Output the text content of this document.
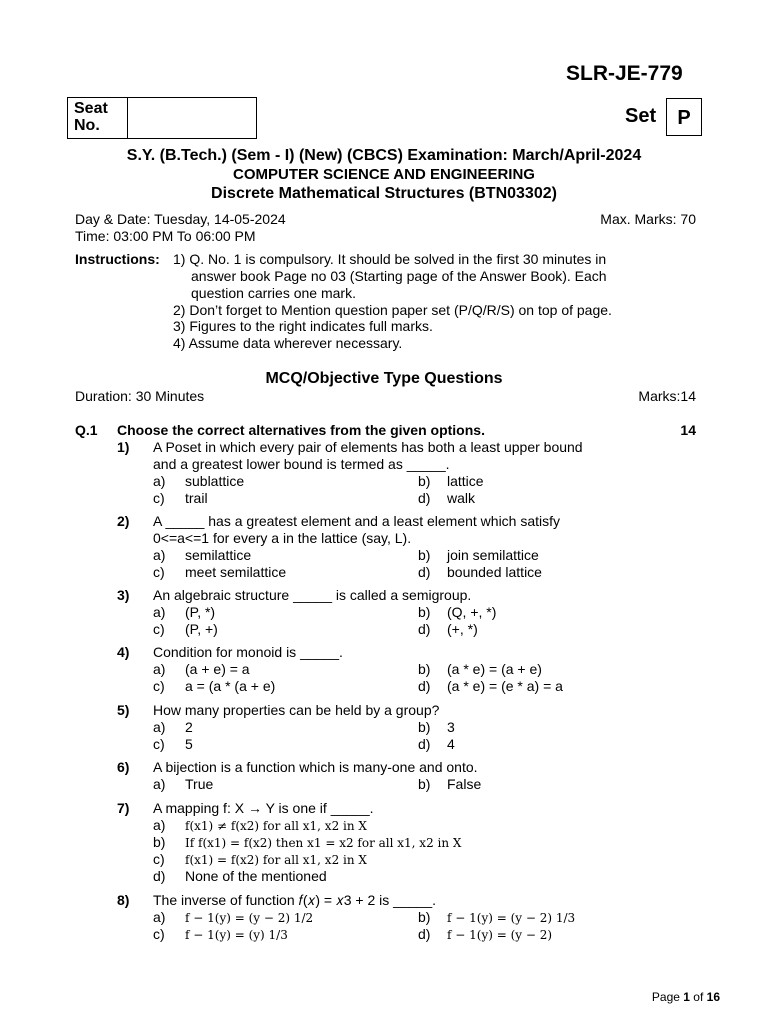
SLR-JE-779
Seat No.	Set	P
S.Y. (B.Tech.) (Sem - I) (New) (CBCS) Examination: March/April-2024
COMPUTER SCIENCE AND ENGINEERING
Discrete Mathematical Structures (BTN03302)
Day & Date: Tuesday, 14-05-2024	Max. Marks: 70
Time: 03:00 PM To 06:00 PM
Instructions: 1) Q. No. 1 is compulsory. It should be solved in the first 30 minutes in
answer book Page no 03 (Starting page of the Answer Book). Each
question carries one mark.
2) Don’t forget to Mention question paper set (P/Q/R/S) on top of page.
3) Figures to the right indicates full marks.
4) Assume data wherever necessary.
MCQ/Objective Type Questions
Duration: 30 Minutes	Marks:14
Q.1 Choose the correct alternatives from the given options.	14
1) A Poset in which every pair of elements has both a least upper bound
and a greatest lower bound is termed as _____.
a) sublattice	b) lattice
c) trail	d) walk
2) A _____ has a greatest element and a least element which satisfy
0<=a<=1 for every a in the lattice (say, L).
a) semilattice	b) join semilattice
c) meet semilattice	d) bounded lattice
3) An algebraic structure _____ is called a semigroup.
a) (P, *)	b) (Q, +, *)
c) (P, +)	d) (+, *)
4) Condition for monoid is _____.
a) (a + e) = a	b) (a * e) = (a + e)
c) a = (a * (a + e)	d) (a * e) = (e * a) = a
5) How many properties can be held by a group?
a) 2	b) 3
c) 5	d) 4
6) A bijection is a function which is many-one and onto.
a) True	b) False
7) A mapping f: X → Y is one if _____.
a) f(x1) ≠ f(x2) for all x1, x2 in X
b) If f(x1) = f(x2) then x1 = x2 for all x1, x2 in X
c) f(x1) = f(x2) for all x1, x2 in X
d) None of the mentioned
8) The inverse of function 𝑓(𝑥) = 𝑥3 + 2 is _____.
a) f − 1(y) = (y − 2) 1/2	b) f − 1(y) = (y − 2) 1/3
c) f − 1(y) = (y) 1/3	d) f − 1(y) = (y − 2)
Page 1 of 16
